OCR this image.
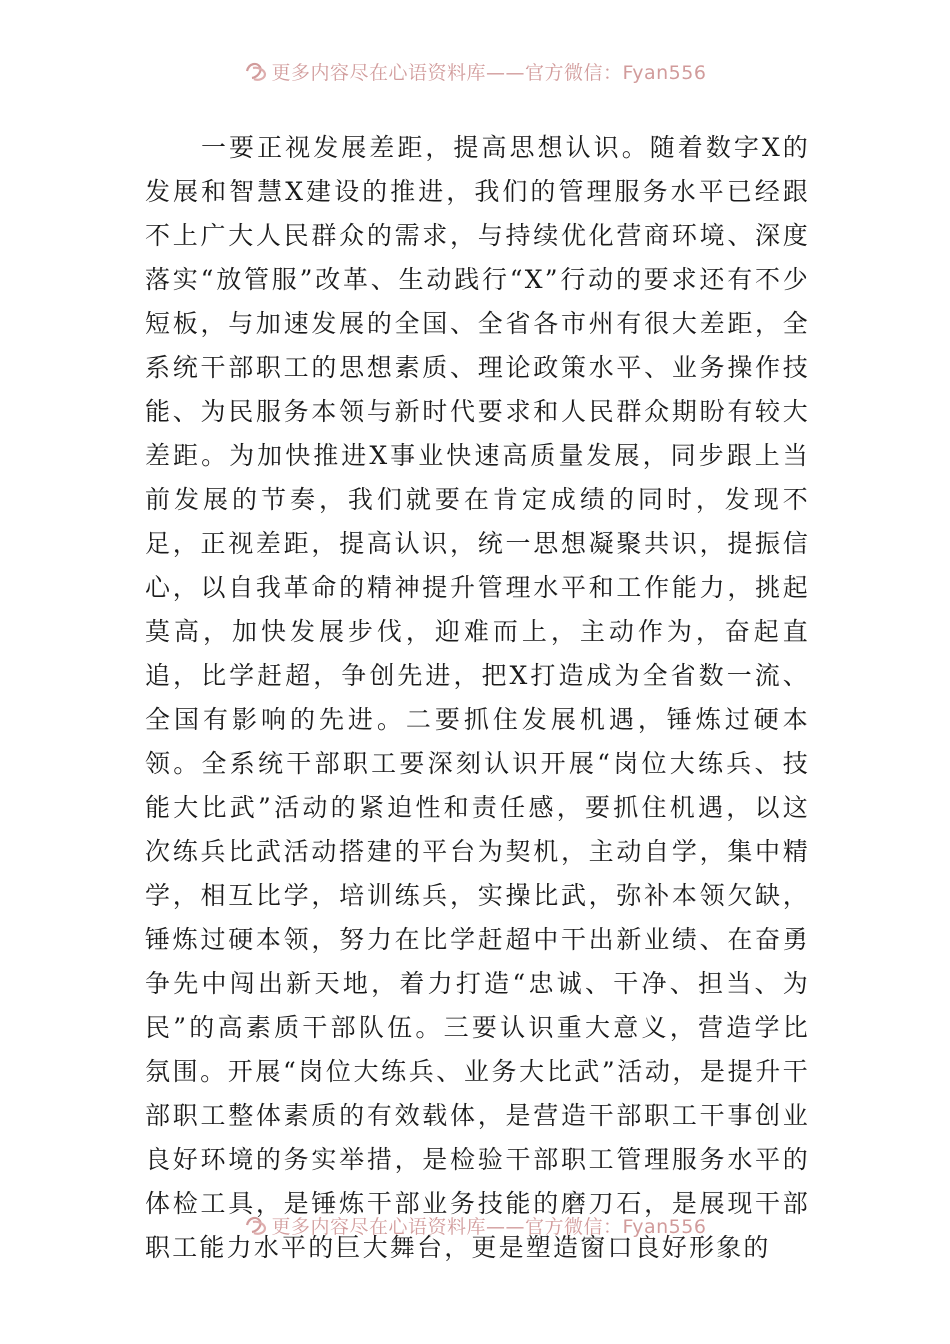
更多内容尽在心语资料库——官方微信：Fyan556

一要正视发展差距，提高思想认识。随着数字X的发展和智慧X建设的推进，我们的管理服务水平已经跟不上广大人民群众的需求，与持续优化营商环境、深度落实“放管服”改革、生动践行“X”行动的要求还有不少短板，与加速发展的全国、全省各市州有很大差距，全系统干部职工的思想素质、理论政策水平、业务操作技能、为民服务本领与新时代要求和人民群众期盼有较大差距。为加快推进X事业快速高质量发展，同步跟上当前发展的节奏，我们就要在肯定成绩的同时，发现不足，正视差距，提高认识，统一思想凝聚共识，提振信心，以自我革命的精神提升管理水平和工作能力，挑起莫高，加快发展步伐，迎难而上，主动作为，奋起直追，比学赶超，争创先进，把X打造成为全省数一流、全国有影响的先进。二要抓住发展机遇，锤炼过硬本领。全系统干部职工要深刻认识开展“岗位大练兵、技能大比武”活动的紧迫性和责任感，要抓住机遇，以这次练兵比武活动搭建的平台为契机，主动自学，集中精学，相互比学，培训练兵，实操比武，弥补本领欠缺，锤炼过硬本领，努力在比学赶超中干出新业绩、在奋勇争先中闯出新天地，着力打造“忠诚、干净、担当、为民”的高素质干部队伍。三要认识重大意义，营造学比氛围。开展“岗位大练兵、业务大比武”活动，是提升干部职工整体素质的有效载体，是营造干部职工干事创业良好环境的务实举措，是检验干部职工管理服务水平的体检工具，是锤炼干部业务技能的磨刀石，是展现干部职工能力水平的巨大舞台，更是塑造窗口良好形象的

更多内容尽在心语资料库——官方微信：Fyan556
